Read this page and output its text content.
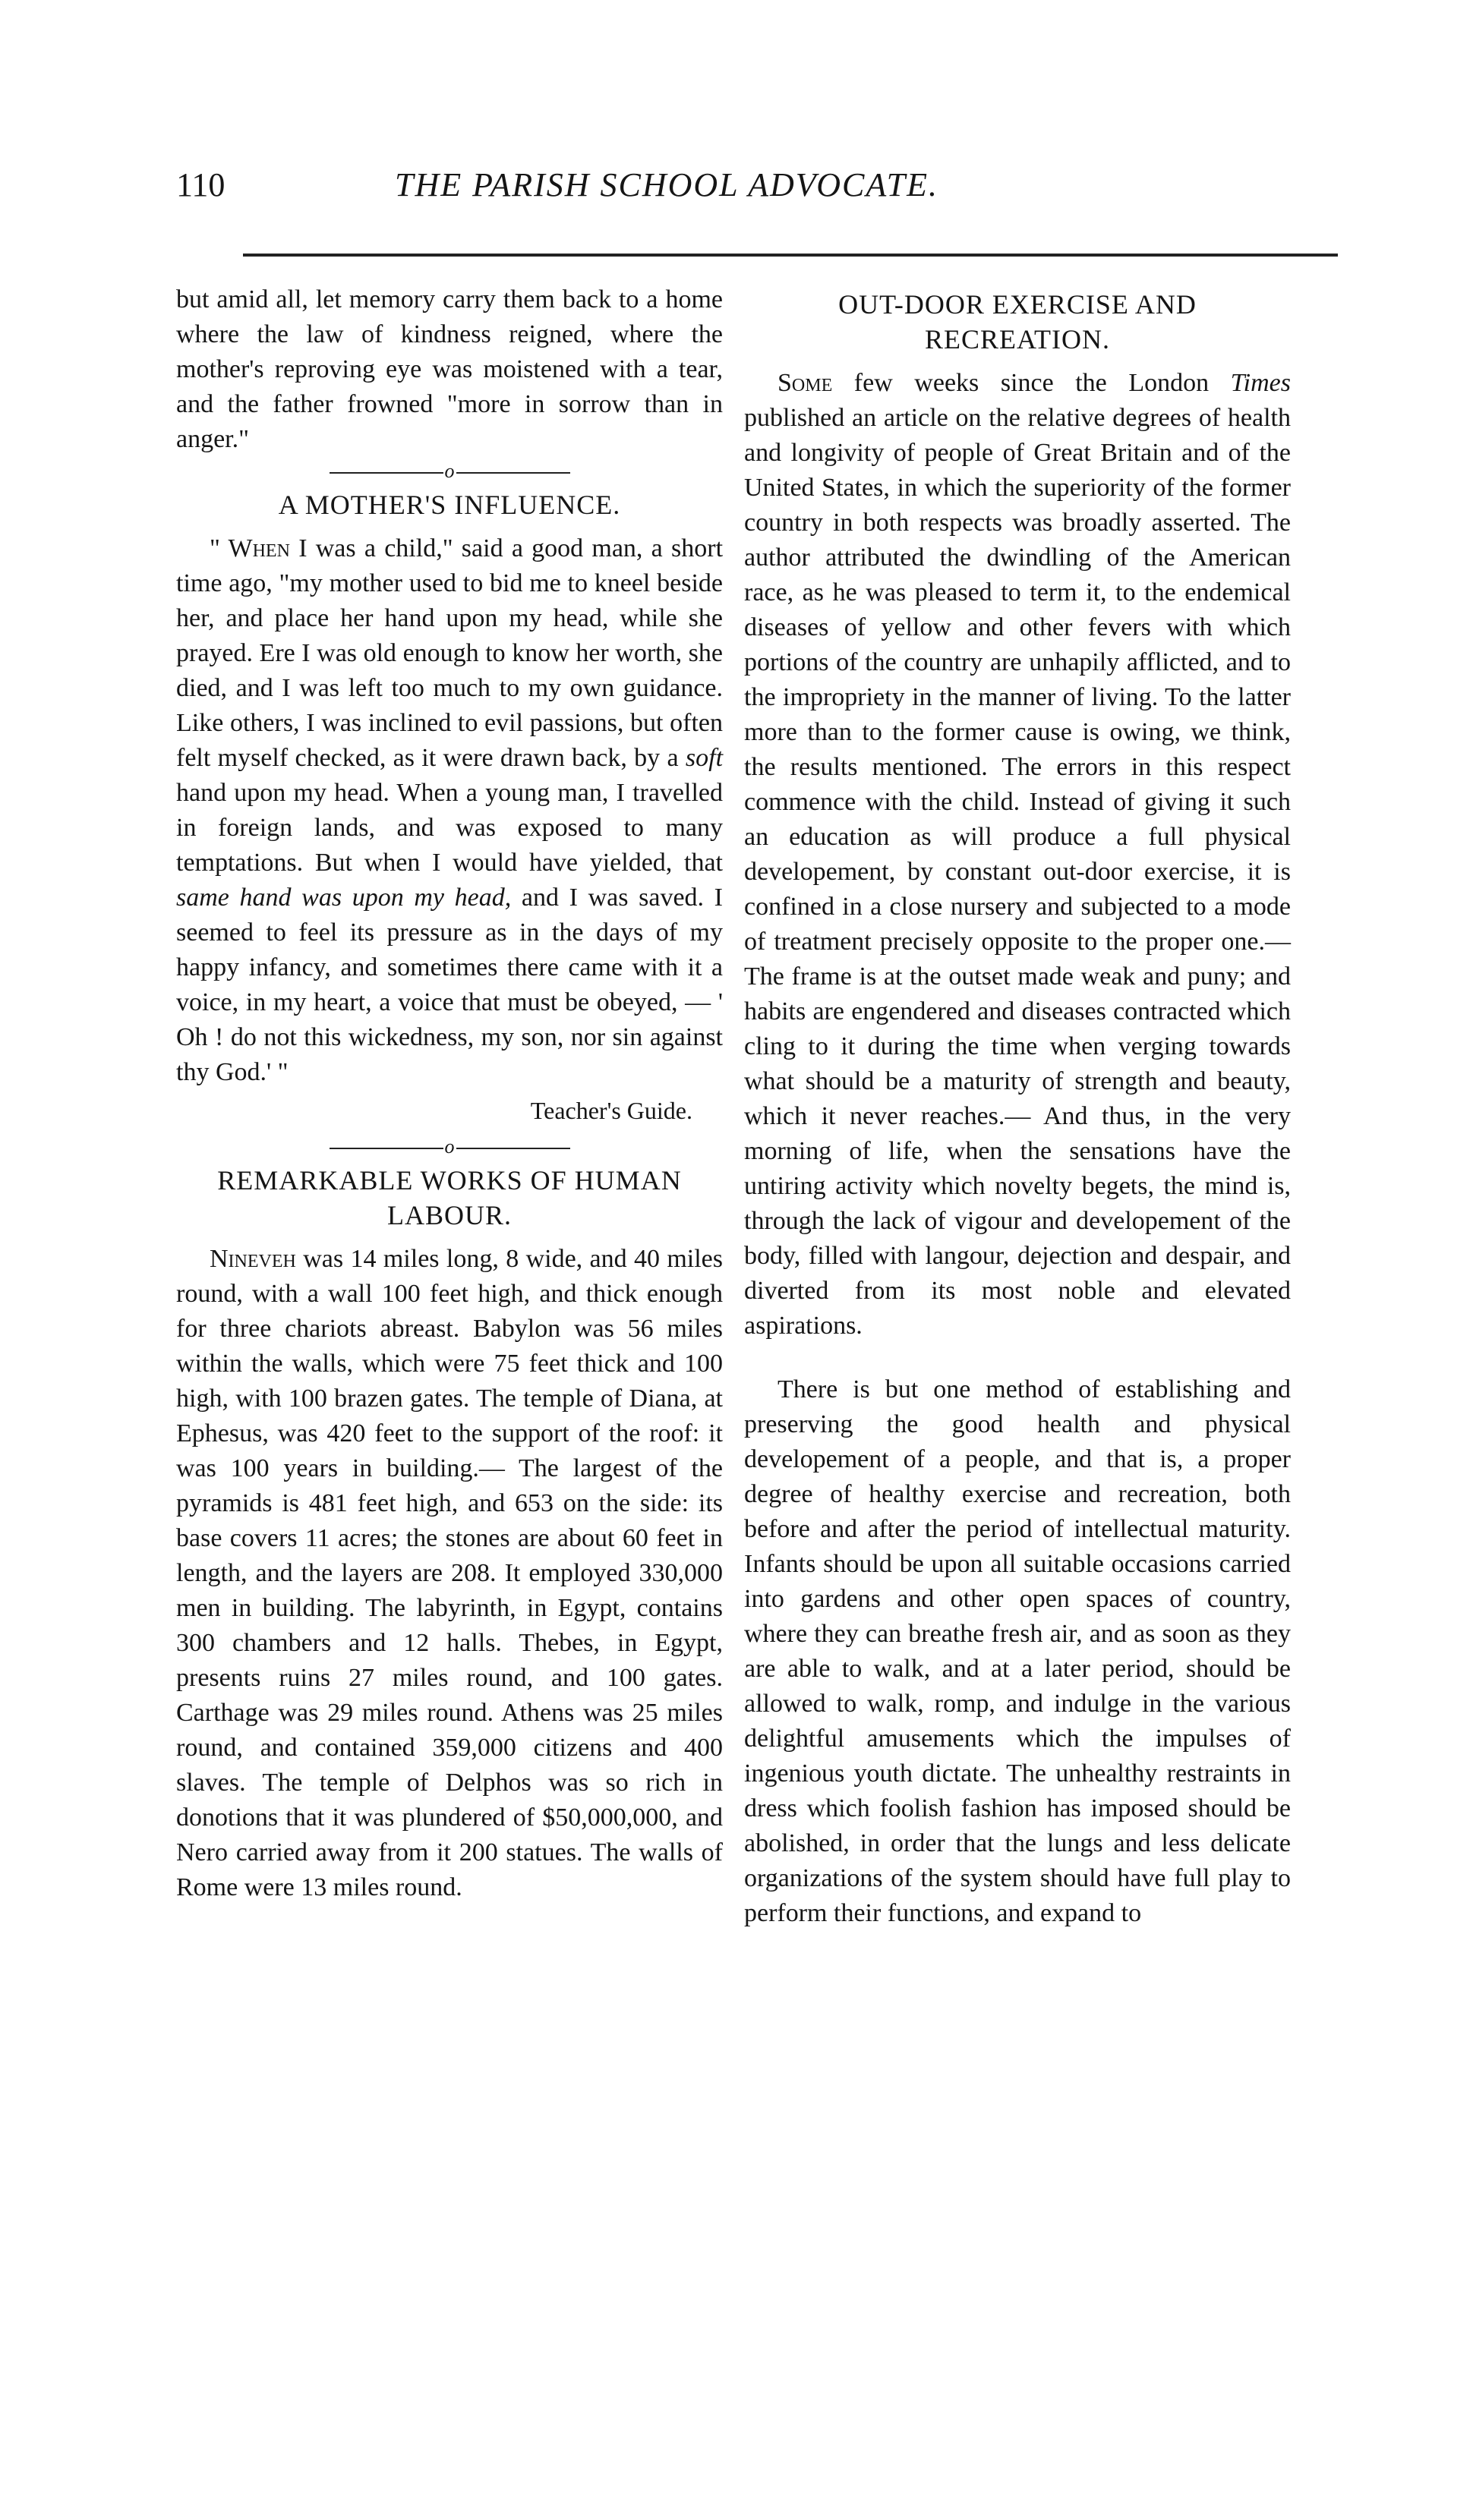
110	THE PARISH SCHOOL ADVOCATE.

but amid all, let memory carry them back to a home where the law of kindness reigned, where the mother's reproving eye was moistened with a tear, and the father frowned "more in sorrow than in anger."

o
A MOTHER'S INFLUENCE.

" When I was a child," said a good man, a short time ago, "my mother used to bid me to kneel beside her, and place her hand upon my head, while she prayed. Ere I was old enough to know her worth, she died, and I was left too much to my own guidance. Like others, I was inclined to evil passions, but often felt myself checked, as it were drawn back, by a soft hand upon my head. When a young man, I travelled in foreign lands, and was exposed to many temptations. But when I would have yielded, that same hand was upon my head, and I was saved. I seemed to feel its pressure as in the days of my happy infancy, and sometimes there came with it a voice, in my heart, a voice that must be obeyed, — ' Oh ! do not this wickedness, my son, nor sin against thy God.' "

Teacher's Guide.
o
REMARKABLE WORKS OF HUMAN LABOUR.

Nineveh was 14 miles long, 8 wide, and 40 miles round, with a wall 100 feet high, and thick enough for three chariots abreast. Babylon was 56 miles within the walls, which were 75 feet thick and 100 high, with 100 brazen gates. The temple of Diana, at Ephesus, was 420 feet to the support of the roof: it was 100 years in building.— The largest of the pyramids is 481 feet high, and 653 on the side: its base covers 11 acres; the stones are about 60 feet in length, and the layers are 208. It employed 330,000 men in building. The labyrinth, in Egypt, contains 300 chambers and 12 halls. Thebes, in Egypt, presents ruins 27 miles round, and 100 gates. Carthage was 29 miles round. Athens was 25 miles round, and contained 359,000 citizens and 400 slaves. The temple of Delphos was so rich in donotions that it was plundered of $50,000,000, and Nero carried away from it 200 statues. The walls of Rome were 13 miles round.

OUT-DOOR EXERCISE AND RECREATION.

Some few weeks since the London Times published an article on the relative degrees of health and longivity of people of Great Britain and of the United States, in which the superiority of the former country in both respects was broadly asserted. The author attributed the dwindling of the American race, as he was pleased to term it, to the endemical diseases of yellow and other fevers with which portions of the country are unhapily afflicted, and to the impropriety in the manner of living. To the latter more than to the former cause is owing, we think, the results mentioned. The errors in this respect commence with the child. Instead of giving it such an education as will produce a full physical developement, by constant out-door exercise, it is confined in a close nursery and subjected to a mode of treatment precisely opposite to the proper one.— The frame is at the outset made weak and puny; and habits are engendered and diseases contracted which cling to it during the time when verging towards what should be a maturity of strength and beauty, which it never reaches.— And thus, in the very morning of life, when the sensations have the untiring activity which novelty begets, the mind is, through the lack of vigour and developement of the body, filled with langour, dejection and despair, and diverted from its most noble and elevated aspirations.

There is but one method of establishing and preserving the good health and physical developement of a people, and that is, a proper degree of healthy exercise and recreation, both before and after the period of intellectual maturity. Infants should be upon all suitable occasions carried into gardens and other open spaces of country, where they can breathe fresh air, and as soon as they are able to walk, and at a later period, should be allowed to walk, romp, and indulge in the various delightful amusements which the impulses of ingenious youth dictate. The unhealthy restraints in dress which foolish fashion has imposed should be abolished, in order that the lungs and less delicate organizations of the system should have full play to perform their functions, and expand to
